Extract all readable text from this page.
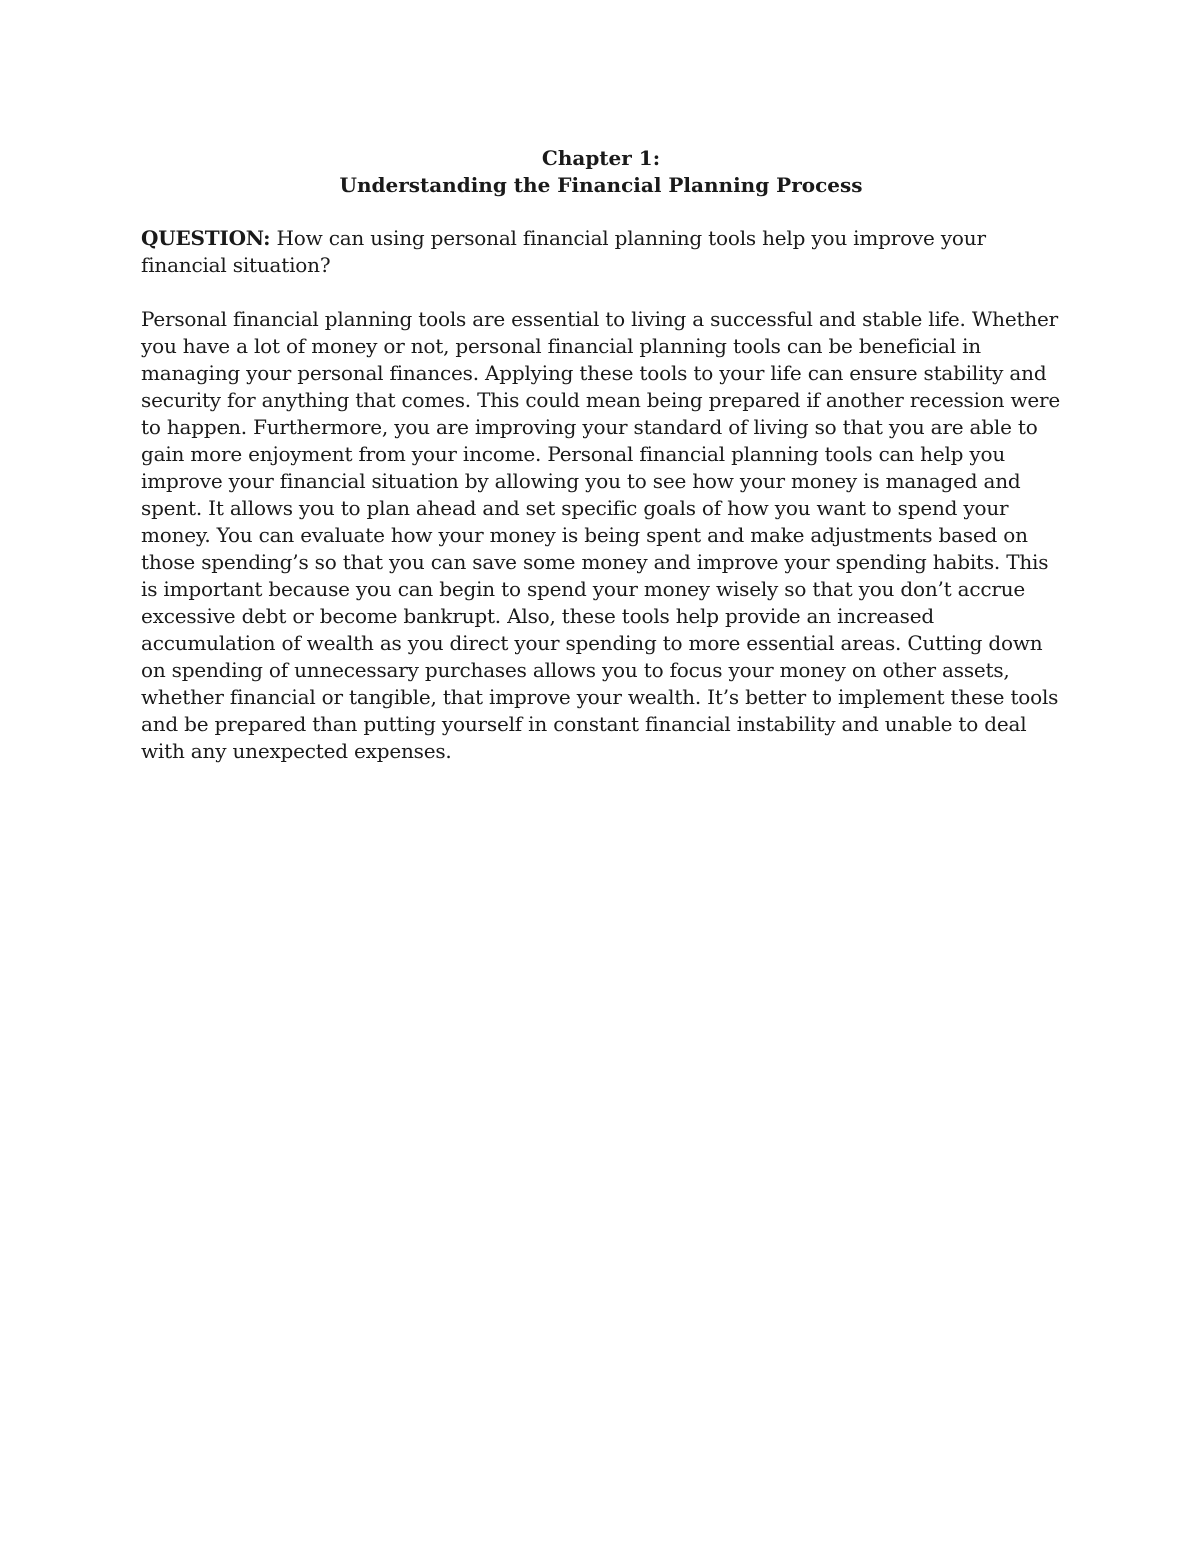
Chapter 1:
Understanding the Financial Planning Process

QUESTION: How can using personal financial planning tools help you improve your financial situation?

Personal financial planning tools are essential to living a successful and stable life. Whether you have a lot of money or not, personal financial planning tools can be beneficial in managing your personal finances. Applying these tools to your life can ensure stability and security for anything that comes. This could mean being prepared if another recession were to happen. Furthermore, you are improving your standard of living so that you are able to gain more enjoyment from your income. Personal financial planning tools can help you improve your financial situation by allowing you to see how your money is managed and spent. It allows you to plan ahead and set specific goals of how you want to spend your money. You can evaluate how your money is being spent and make adjustments based on those spending’s so that you can save some money and improve your spending habits. This is important because you can begin to spend your money wisely so that you don’t accrue excessive debt or become bankrupt. Also, these tools help provide an increased accumulation of wealth as you direct your spending to more essential areas. Cutting down on spending of unnecessary purchases allows you to focus your money on other assets, whether financial or tangible, that improve your wealth. It’s better to implement these tools and be prepared than putting yourself in constant financial instability and unable to deal with any unexpected expenses.
